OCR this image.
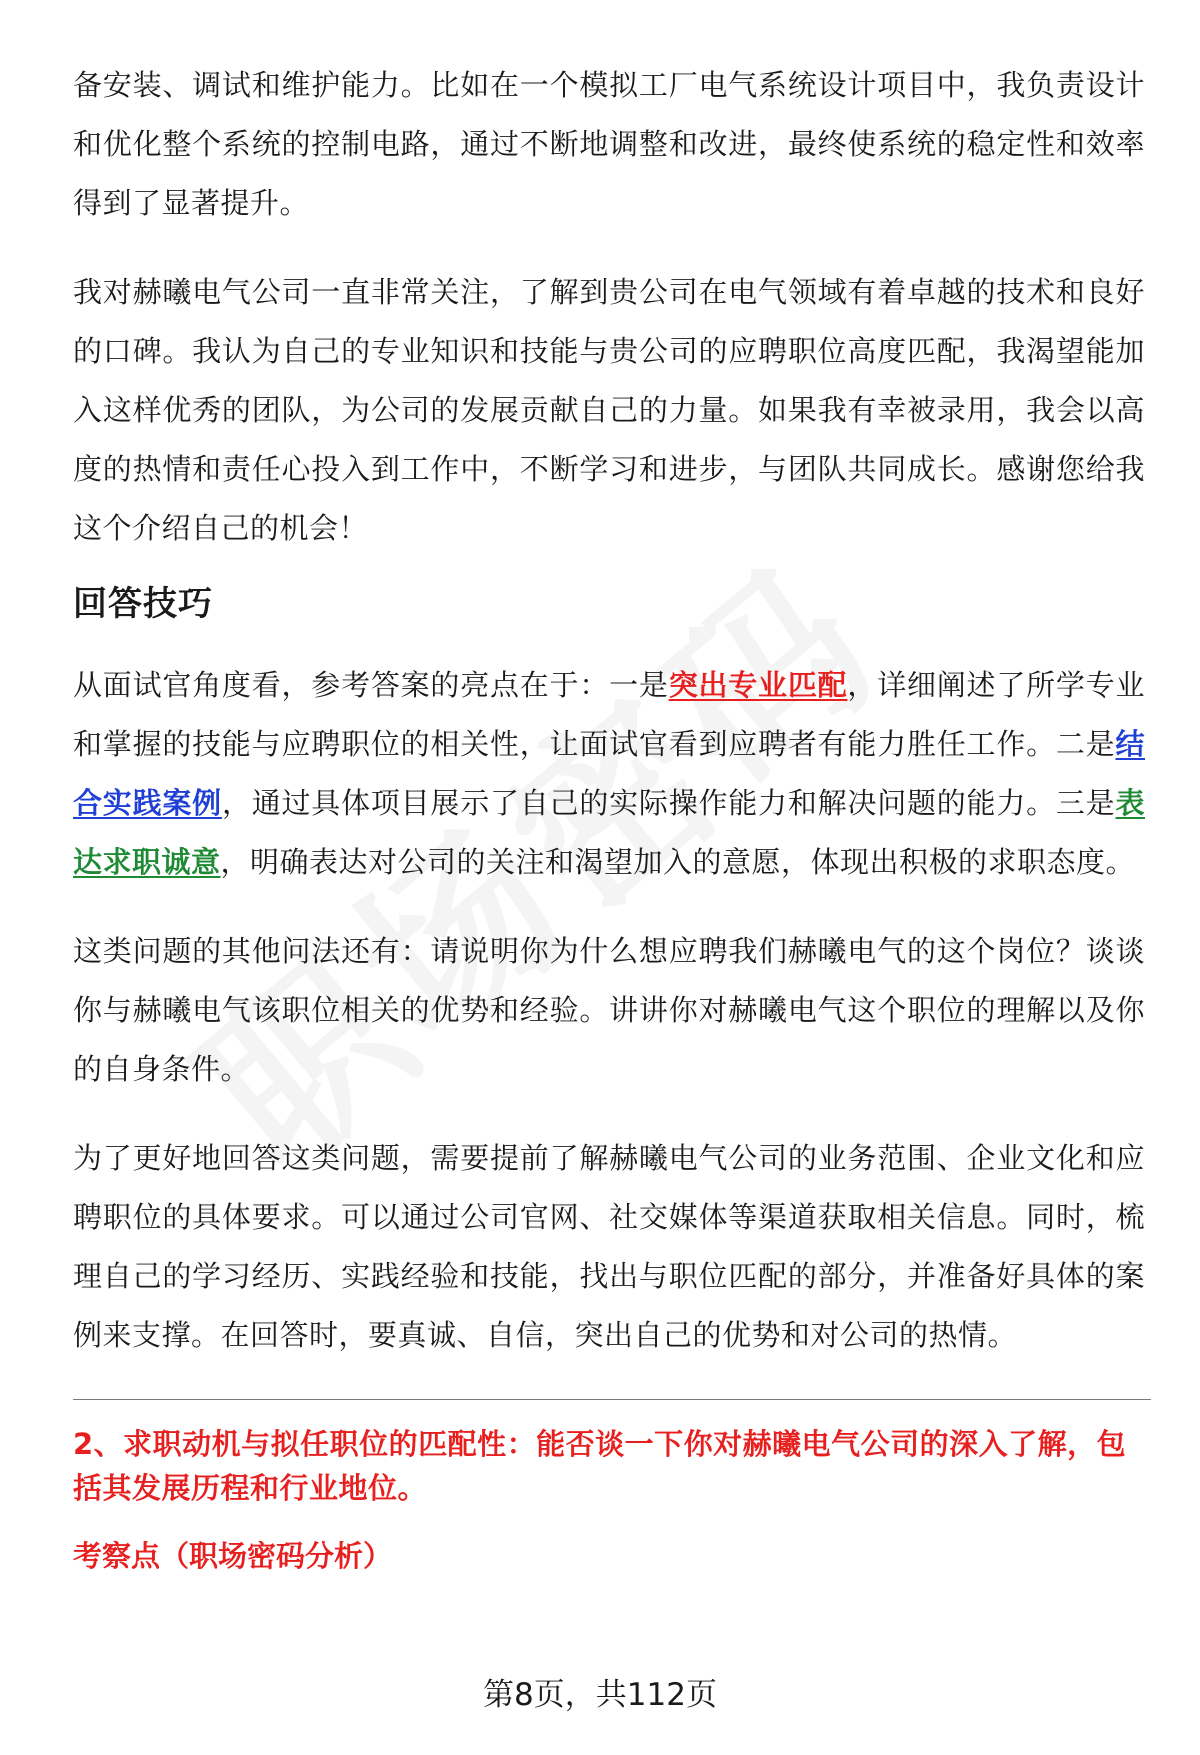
备安装、调试和维护能力。比如在一个模拟工厂电气系统设计项目中，我负责设计和优化整个系统的控制电路，通过不断地调整和改进，最终使系统的稳定性和效率得到了显著提升。

我对赫曦电气公司一直非常关注，了解到贵公司在电气领域有着卓越的技术和良好的口碑。我认为自己的专业知识和技能与贵公司的应聘职位高度匹配，我渴望能加入这样优秀的团队，为公司的发展贡献自己的力量。如果我有幸被录用，我会以高度的热情和责任心投入到工作中，不断学习和进步，与团队共同成长。感谢您给我这个介绍自己的机会！

回答技巧

从面试官角度看，参考答案的亮点在于：一是突出专业匹配，详细阐述了所学专业和掌握的技能与应聘职位的相关性，让面试官看到应聘者有能力胜任工作。二是结合实践案例，通过具体项目展示了自己的实际操作能力和解决问题的能力。三是表达求职诚意，明确表达对公司的关注和渴望加入的意愿，体现出积极的求职态度。

这类问题的其他问法还有：请说明你为什么想应聘我们赫曦电气的这个岗位？谈谈你与赫曦电气该职位相关的优势和经验。讲讲你对赫曦电气这个职位的理解以及你的自身条件。

为了更好地回答这类问题，需要提前了解赫曦电气公司的业务范围、企业文化和应聘职位的具体要求。可以通过公司官网、社交媒体等渠道获取相关信息。同时，梳理自己的学习经历、实践经验和技能，找出与职位匹配的部分，并准备好具体的案例来支撑。在回答时，要真诚、自信，突出自己的优势和对公司的热情。

2、求职动机与拟任职位的匹配性：能否谈一下你对赫曦电气公司的深入了解，包括其发展历程和行业地位。
考察点（职场密码分析）
第8页，共112页
